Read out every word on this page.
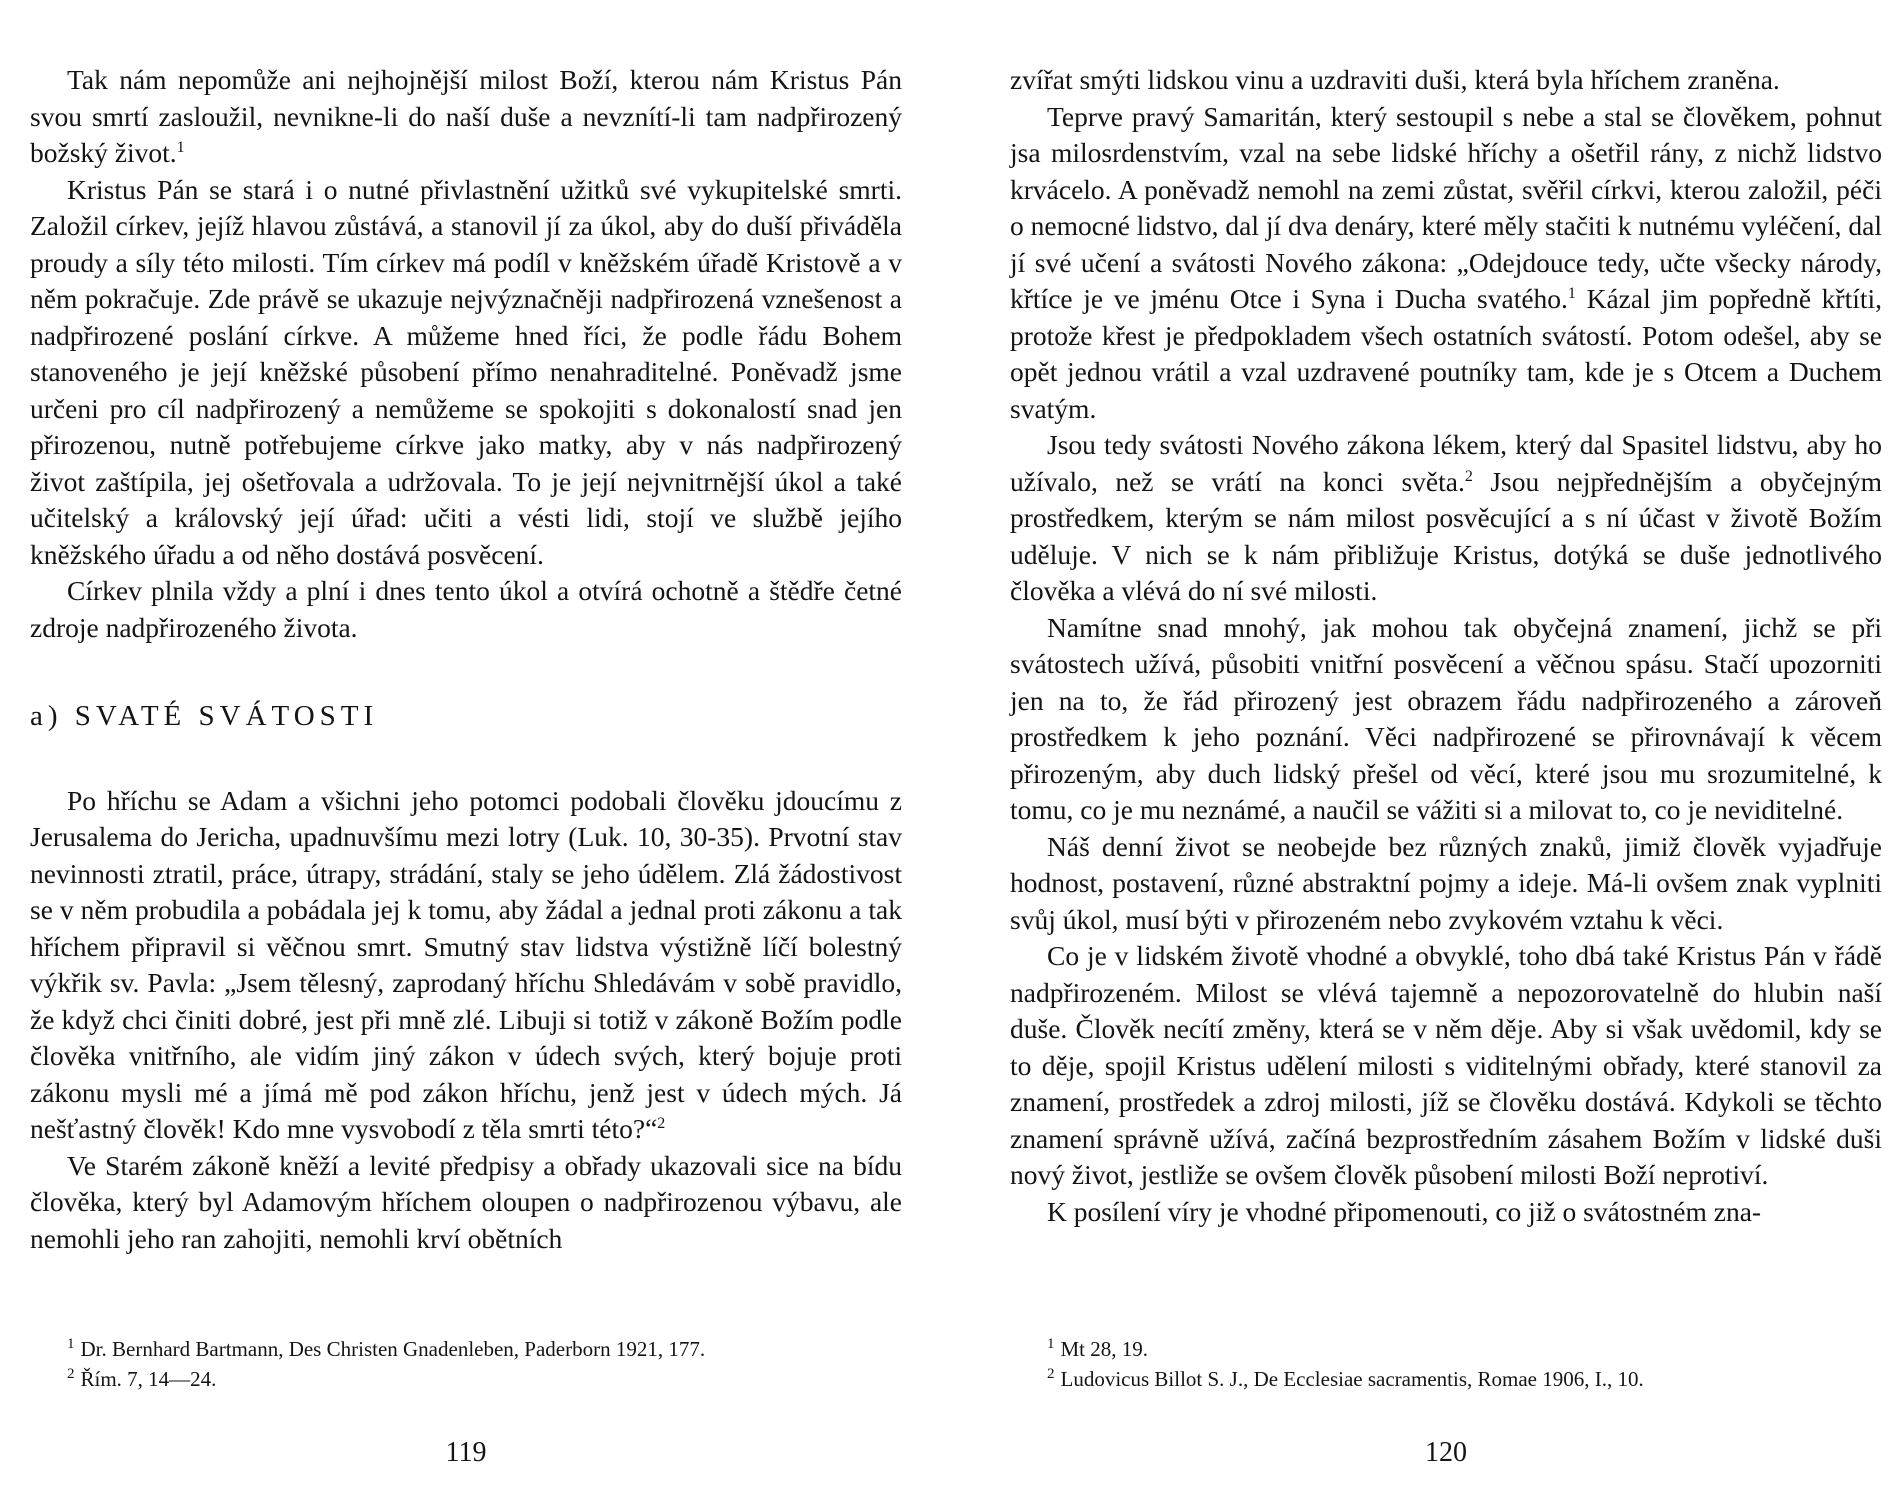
Tak nám nepomůže ani nejhojnější milost Boží, kterou nám Kristus Pán svou smrtí zasloužil, nevnikne-li do naší duše a nevznítí-li tam nadpřirozený božský život.$^1$

Kristus Pán se stará i o nutné přivlastnění užitků své vykupitelské smrti. Založil církev, jejíž hlavou zůstává, a stanovil jí za úkol, aby do duší přiváděla proudy a síly této milosti. Tím církev má podíl v kněžském úřadě Kristově a v něm pokračuje. Zde právě se ukazuje nejvýznačněji nadpřirozená vznešenost a nadpřirozené poslání církve. A můžeme hned říci, že podle řádu Bohem stanoveného je její kněžské působení přímo nenahraditelné. Poněvadž jsme určeni pro cíl nadpřirozený a nemůžeme se spokojiti s dokonalostí snad jen přirozenou, nutně potřebujeme církve jako matky, aby v nás nadpřirozený život zaštípila, jej ošetřovala a udržovala. To je její nejvnitrnější úkol a také učitelský a královský její úřad: učiti a vésti lidi, stojí ve službě jejího kněžského úřadu a od něho dostává posvěcení.

Církev plnila vždy a plní i dnes tento úkol a otvírá ochotně a štědře četné zdroje nadpřirozeného života.

a) SVATÉ SVÁTOSTI

Po hříchu se Adam a všichni jeho potomci podobali člověku jdoucímu z Jerusalema do Jericha, upadnuvšímu mezi lotry (Luk. 10, 30-35). Prvotní stav nevinnosti ztratil, práce, útrapy, strádání, staly se jeho údělem. Zlá žádostivost se v něm probudila a pobádala jej k tomu, aby žádal a jednal proti zákonu a tak hříchem připravil si věčnou smrt. Smutný stav lidstva výstižně líčí bolestný výkřik sv. Pavla: „Jsem tělesný, zaprodaný hříchu Shledávám v sobě pravidlo, že když chci činiti dobré, jest při mně zlé. Libuji si totiž v zákoně Božím podle člověka vnitřního, ale vidím jiný zákon v údech svých, který bojuje proti zákonu mysli mé a jímá mě pod zákon hříchu, jenž jest v údech mých. Já nešťastný člověk! Kdo mne vysvobodí z těla smrti této?“$^2$

Ve Starém zákoně kněží a levité předpisy a obřady ukazovali sice na bídu člověka, který byl Adamovým hříchem oloupen o nadpřirozenou výbavu, ale nemohli jeho ran zahojiti, nemohli krví obětních

$^1$ Dr. Bernhard Bartmann, Des Christen Gnadenleben, Paderborn 1921, 177.
$^2$ Řím. 7, 14—24.
119

zvířat smýti lidskou vinu a uzdraviti duši, která byla hříchem zraněna.

Teprve pravý Samaritán, který sestoupil s nebe a stal se člověkem, pohnut jsa milosrdenstvím, vzal na sebe lidské hříchy a ošetřil rány, z nichž lidstvo krvácelo. A poněvadž nemohl na zemi zůstat, svěřil církvi, kterou založil, péči o nemocné lidstvo, dal jí dva denáry, které měly stačiti k nutnému vyléčení, dal jí své učení a svátosti Nového zákona: „Odejdouce tedy, učte všecky národy, křtíce je ve jménu Otce i Syna i Ducha svatého.$^1$ Kázal jim popředně křtíti, protože křest je předpokladem všech ostatních svátostí. Potom odešel, aby se opět jednou vrátil a vzal uzdravené poutníky tam, kde je s Otcem a Duchem svatým.

Jsou tedy svátosti Nového zákona lékem, který dal Spasitel lidstvu, aby ho užívalo, než se vrátí na konci světa.$^2$ Jsou nejpřednějším a obyčejným prostředkem, kterým se nám milost posvěcující a s ní účast v životě Božím uděluje. V nich se k nám přibližuje Kristus, dotýká se duše jednotlivého člověka a vlévá do ní své milosti.

Namítne snad mnohý, jak mohou tak obyčejná znamení, jichž se při svátostech užívá, působiti vnitřní posvěcení a věčnou spásu. Stačí upozorniti jen na to, že řád přirozený jest obrazem řádu nadpřirozeného a zároveň prostředkem k jeho poznání. Věci nadpřirozené se přirovnávají k věcem přirozeným, aby duch lidský přešel od věcí, které jsou mu srozumitelné, k tomu, co je mu neznámé, a naučil se vážiti si a milovat to, co je neviditelné.

Náš denní život se neobejde bez různých znaků, jimiž člověk vyjadřuje hodnost, postavení, různé abstraktní pojmy a ideje. Má-li ovšem znak vyplniti svůj úkol, musí býti v přirozeném nebo zvykovém vztahu k věci.

Co je v lidském životě vhodné a obvyklé, toho dbá také Kristus Pán v řádě nadpřirozeném. Milost se vlévá tajemně a nepozorovatelně do hlubin naší duše. Člověk necítí změny, která se v něm děje. Aby si však uvědomil, kdy se to děje, spojil Kristus udělení milosti s viditelnými obřady, které stanovil za znamení, prostředek a zdroj milosti, jíž se člověku dostává. Kdykoli se těchto znamení správně užívá, začíná bezprostředním zásahem Božím v lidské duši nový život, jestliže se ovšem člověk působení milosti Boží neprotiví.

K posílení víry je vhodné připomenouti, co již o svátostném zna-

$^1$ Mt 28, 19.
$^2$ Ludovicus Billot S. J., De Ecclesiae sacramentis, Romae 1906, I., 10.
120
